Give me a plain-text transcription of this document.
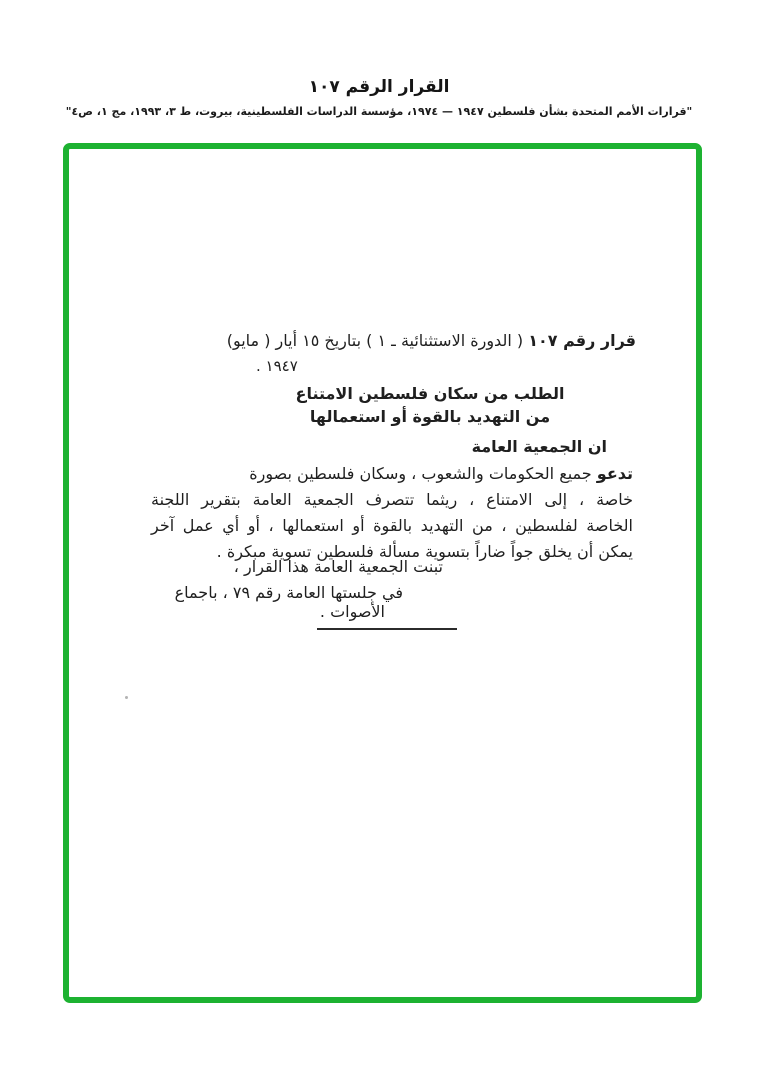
القرار الرقم ١٠٧
"قرارات الأمم المتحدة بشأن فلسطين ١٩٤٧ — ١٩٧٤، مؤسسة الدراسات الفلسطينية، بيروت، ط ٣، ١٩٩٣، مج ١، ص٤"
قرار رقم ١٠٧ ( الدورة الاستثنائية ـ ١ ) بتاريخ ١٥ أيار ( مايو)
١٩٤٧ .
الطلب من سكان فلسطين الامتناع
من التهديد بالقوة أو استعمالها
ان الجمعية العامة
تدعو جميع الحكومات والشعوب ، وسكان فلسطين بصورة
خاصة ، إلى الامتناع ، ريثما تتصرف الجمعية العامة بتقرير اللجنة
الخاصة لفلسطين ، من التهديد بالقوة أو استعمالها ، أو أي عمل آخر
يمكن أن يخلق جواً ضاراً بتسوية مسألة فلسطين تسوية مبكرة .
تبنت الجمعية العامة هذا القرار ،
في جلستها العامة رقم ٧٩ ، باجماع
الأصوات .
